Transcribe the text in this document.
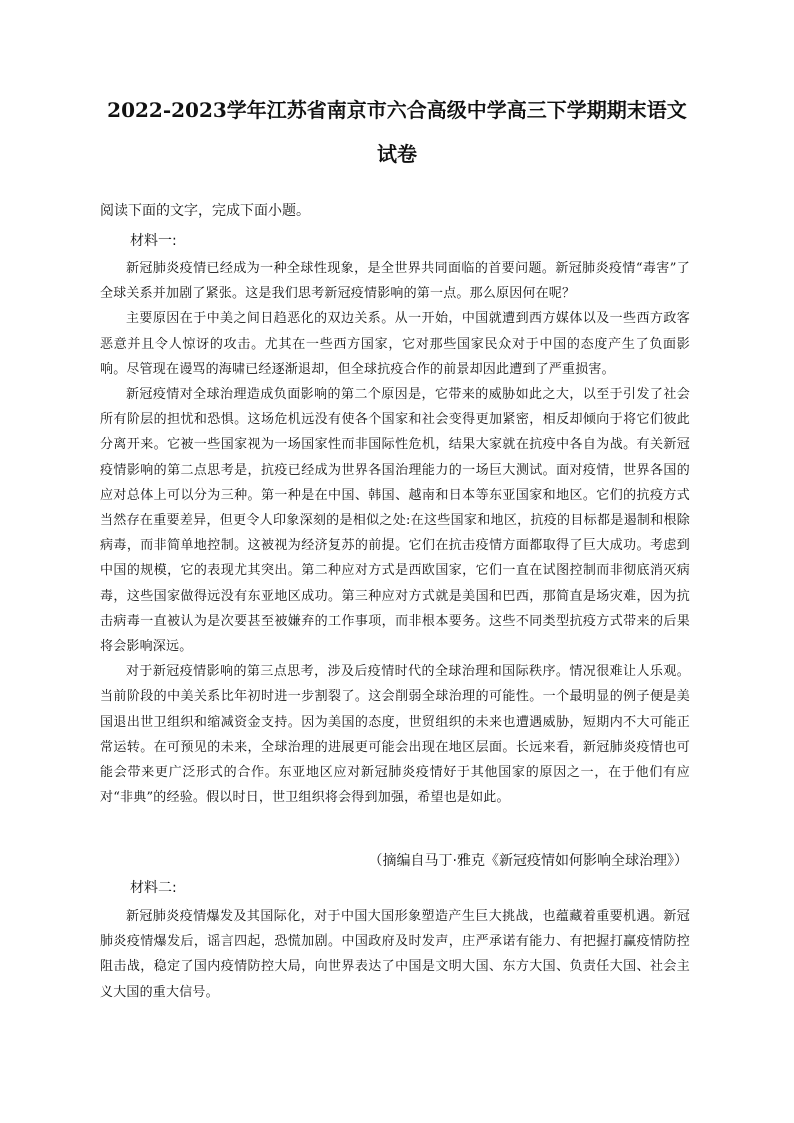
2022-2023学年江苏省南京市六合高级中学高三下学期期末语文
试卷

阅读下面的文字，完成下面小题。

材料一:

新冠肺炎疫情已经成为一种全球性现象，是全世界共同面临的首要问题。新冠肺炎疫情“毒害”了全球关系并加剧了紧张。这是我们思考新冠疫情影响的第一点。那么原因何在呢？

主要原因在于中美之间日趋恶化的双边关系。从一开始，中国就遭到西方媒体以及一些西方政客恶意并且令人惊讶的攻击。尤其在一些西方国家，它对那些国家民众对于中国的态度产生了负面影响。尽管现在谩骂的海啸已经逐渐退却，但全球抗疫合作的前景却因此遭到了严重损害。

新冠疫情对全球治理造成负面影响的第二个原因是，它带来的威胁如此之大，以至于引发了社会所有阶层的担忧和恐惧。这场危机远没有使各个国家和社会变得更加紧密，相反却倾向于将它们彼此分离开来。它被一些国家视为一场国家性而非国际性危机，结果大家就在抗疫中各自为战。有关新冠疫情影响的第二点思考是，抗疫已经成为世界各国治理能力的一场巨大测试。面对疫情，世界各国的应对总体上可以分为三种。第一种是在中国、韩国、越南和日本等东亚国家和地区。它们的抗疫方式当然存在重要差异，但更令人印象深刻的是相似之处:在这些国家和地区，抗疫的目标都是遏制和根除病毒，而非简单地控制。这被视为经济复苏的前提。它们在抗击疫情方面都取得了巨大成功。考虑到中国的规模，它的表现尤其突出。第二种应对方式是西欧国家，它们一直在试图控制而非彻底消灭病毒，这些国家做得远没有东亚地区成功。第三种应对方式就是美国和巴西，那简直是场灾难，因为抗击病毒一直被认为是次要甚至被嫌弃的工作事项，而非根本要务。这些不同类型抗疫方式带来的后果将会影响深远。

对于新冠疫情影响的第三点思考，涉及后疫情时代的全球治理和国际秩序。情况很难让人乐观。当前阶段的中美关系比年初时进一步割裂了。这会削弱全球治理的可能性。一个最明显的例子便是美国退出世卫组织和缩减资金支持。因为美国的态度，世贸组织的未来也遭遇威胁，短期内不大可能正常运转。在可预见的未来，全球治理的进展更可能会出现在地区层面。长远来看，新冠肺炎疫情也可能会带来更广泛形式的合作。东亚地区应对新冠肺炎疫情好于其他国家的原因之一，在于他们有应对“非典”的经验。假以时日，世卫组织将会得到加强，希望也是如此。

（摘编自马丁·雅克《新冠疫情如何影响全球治理》）

材料二:

新冠肺炎疫情爆发及其国际化，对于中国大国形象塑造产生巨大挑战，也蕴藏着重要机遇。新冠肺炎疫情爆发后，谣言四起，恐慌加剧。中国政府及时发声，庄严承诺有能力、有把握打赢疫情防控阻击战，稳定了国内疫情防控大局，向世界表达了中国是文明大国、东方大国、负责任大国、社会主义大国的重大信号。
